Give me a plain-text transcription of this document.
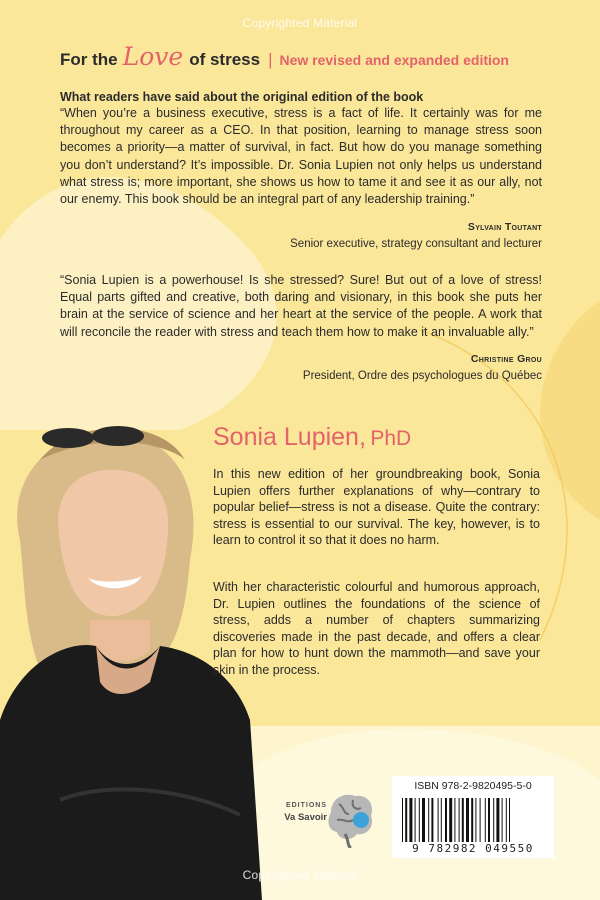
Copyrighted Material
For the Love of stress | New revised and expanded edition
What readers have said about the original edition of the book

“When you’re a business executive, stress is a fact of life. It certainly was for me throughout my career as a CEO. In that position, learning to manage stress soon becomes a priority—a matter of survival, in fact. But how do you manage something you don’t understand? It’s impossible. Dr. Sonia Lupien not only helps us understand what stress is; more important, she shows us how to tame it and see it as our ally, not our enemy. This book should be an integral part of any leadership training.”

Sylvain Toutant
Senior executive, strategy consultant and lecturer

“Sonia Lupien is a powerhouse! Is she stressed? Sure! But out of a love of stress! Equal parts gifted and creative, both daring and visionary, in this book she puts her brain at the service of science and her heart at the service of the people. A work that will reconcile the reader with stress and teach them how to make it an invaluable ally.”

Christine Grou
President, Ordre des psychologues du Québec
Sonia Lupien, PhD

In this new edition of her groundbreaking book, Sonia Lupien offers further explanations of why—contrary to popular belief—stress is not a disease. Quite the contrary: stress is essential to our survival. The key, however, is to learn to control it so that it does no harm.

With her characteristic colourful and humorous approach, Dr. Lupien outlines the foundations of the science of stress, adds a number of chapters summarizing discoveries made in the past decade, and offers a clear plan for how to hunt down the mammoth—and save your skin in the process.

EDITIONS
Va Savoir
ISBN 978-2-9820495-5-0
9 782982 049550
Copyrighted Material
